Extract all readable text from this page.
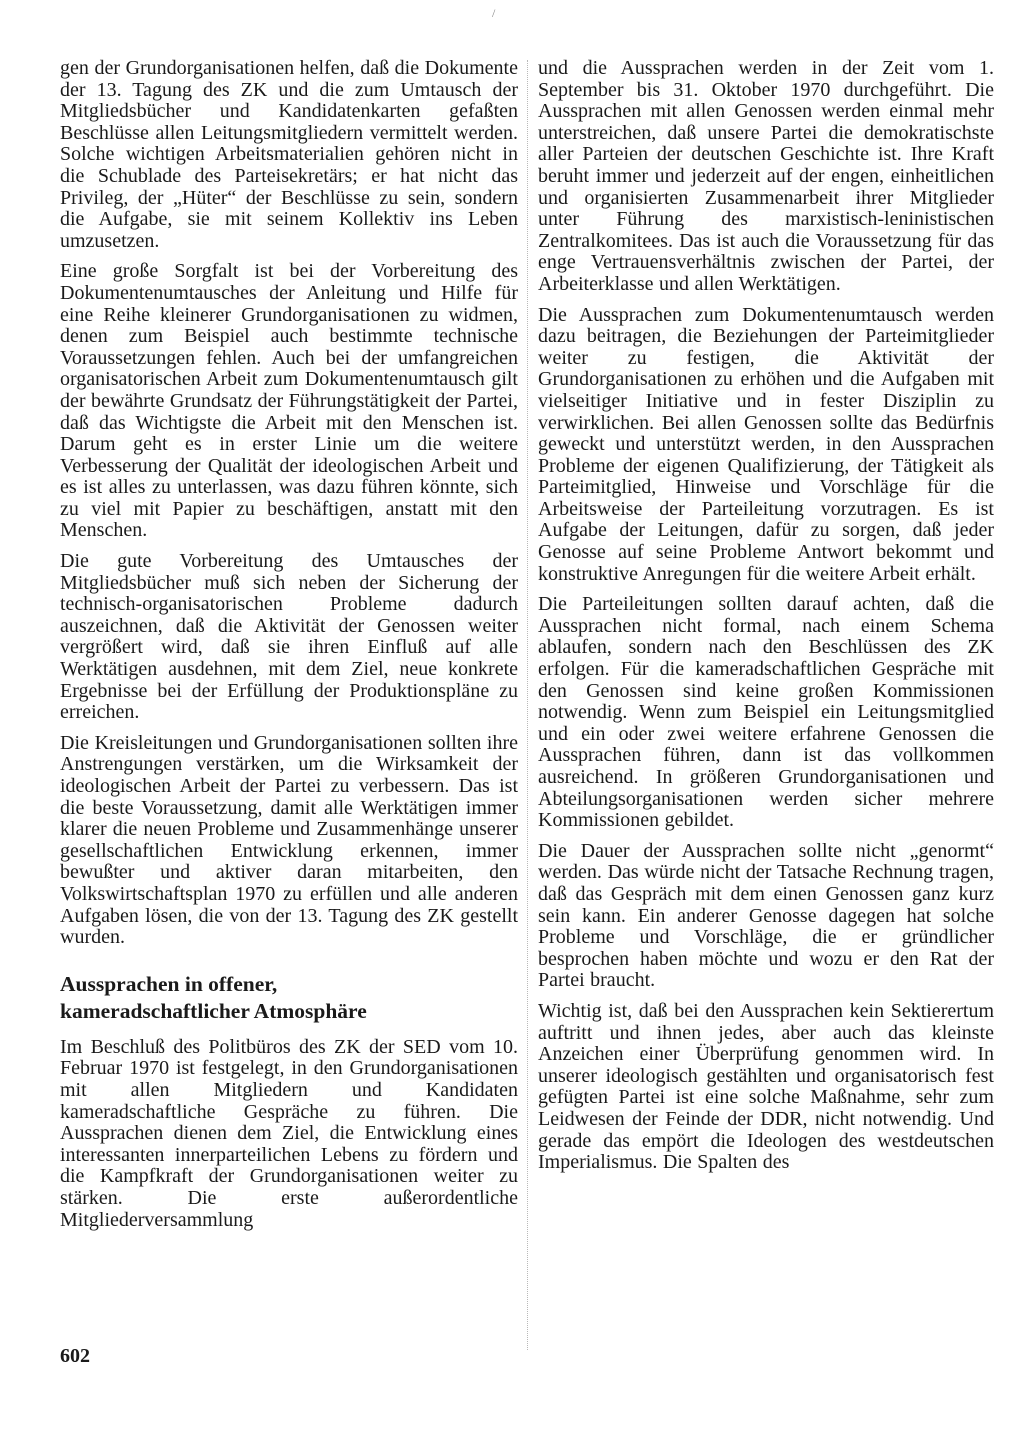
/

gen der Grundorganisationen helfen, daß die Dokumente der 13. Tagung des ZK und die zum Umtausch der Mitgliedsbücher und Kandidatenkarten gefaßten Beschlüsse allen Leitungsmitgliedern vermittelt werden. Solche wichtigen Arbeitsmaterialien gehören nicht in die Schublade des Parteisekretärs; er hat nicht das Privileg, der „Hüter“ der Beschlüsse zu sein, sondern die Aufgabe, sie mit seinem Kollektiv ins Leben umzusetzen.

Eine große Sorgfalt ist bei der Vorbereitung des Dokumentenumtausches der Anleitung und Hilfe für eine Reihe kleinerer Grundorganisationen zu widmen, denen zum Beispiel auch bestimmte technische Voraussetzungen fehlen. Auch bei der umfangreichen organisatorischen Arbeit zum Dokumentenumtausch gilt der bewährte Grundsatz der Führungstätigkeit der Partei, daß das Wichtigste die Arbeit mit den Menschen ist. Darum geht es in erster Linie um die weitere Verbesserung der Qualität der ideologischen Arbeit und es ist alles zu unterlassen, was dazu führen könnte, sich zu viel mit Papier zu beschäftigen, anstatt mit den Menschen.

Die gute Vorbereitung des Umtausches der Mitgliedsbücher muß sich neben der Sicherung der technisch-organisatorischen Probleme dadurch auszeichnen, daß die Aktivität der Genossen weiter vergrößert wird, daß sie ihren Einfluß auf alle Werktätigen ausdehnen, mit dem Ziel, neue konkrete Ergebnisse bei der Erfüllung der Produktionspläne zu erreichen.

Die Kreisleitungen und Grundorganisationen sollten ihre Anstrengungen verstärken, um die Wirksamkeit der ideologischen Arbeit der Partei zu verbessern. Das ist die beste Voraussetzung, damit alle Werktätigen immer klarer die neuen Probleme und Zusammenhänge unserer gesellschaftlichen Entwicklung erkennen, immer bewußter und aktiver daran mitarbeiten, den Volkswirtschaftsplan 1970 zu erfüllen und alle anderen Aufgaben lösen, die von der 13. Tagung des ZK gestellt wurden.

Aussprachen in offener,
kameradschaftlicher Atmosphäre

Im Beschluß des Politbüros des ZK der SED vom 10. Februar 1970 ist festgelegt, in den Grundorganisationen mit allen Mitgliedern und Kandidaten kameradschaftliche Gespräche zu führen. Die Aussprachen dienen dem Ziel, die Entwicklung eines interessanten innerparteilichen Lebens zu fördern und die Kampfkraft der Grundorganisationen weiter zu stärken. Die erste außerordentliche Mitgliederversammlung

und die Aussprachen werden in der Zeit vom 1. September bis 31. Oktober 1970 durchgeführt. Die Aussprachen mit allen Genossen werden einmal mehr unterstreichen, daß unsere Partei die demokratischste aller Parteien der deutschen Geschichte ist. Ihre Kraft beruht immer und jederzeit auf der engen, einheitlichen und organisierten Zusammenarbeit ihrer Mitglieder unter Führung des marxistisch-leninistischen Zentralkomitees. Das ist auch die Voraussetzung für das enge Vertrauensverhältnis zwischen der Partei, der Arbeiterklasse und allen Werktätigen.

Die Aussprachen zum Dokumentenumtausch werden dazu beitragen, die Beziehungen der Parteimitglieder weiter zu festigen, die Aktivität der Grundorganisationen zu erhöhen und die Aufgaben mit vielseitiger Initiative und in fester Disziplin zu verwirklichen. Bei allen Genossen sollte das Bedürfnis geweckt und unterstützt werden, in den Aussprachen Probleme der eigenen Qualifizierung, der Tätigkeit als Parteimitglied, Hinweise und Vorschläge für die Arbeitsweise der Parteileitung vorzutragen. Es ist Aufgabe der Leitungen, dafür zu sorgen, daß jeder Genosse auf seine Probleme Antwort bekommt und konstruktive Anregungen für die weitere Arbeit erhält.

Die Parteileitungen sollten darauf achten, daß die Aussprachen nicht formal, nach einem Schema ablaufen, sondern nach den Beschlüssen des ZK erfolgen. Für die kameradschaftlichen Gespräche mit den Genossen sind keine großen Kommissionen notwendig. Wenn zum Beispiel ein Leitungsmitglied und ein oder zwei weitere erfahrene Genossen die Aussprachen führen, dann ist das vollkommen ausreichend. In größeren Grundorganisationen und Abteilungsorganisationen werden sicher mehrere Kommissionen gebildet.

Die Dauer der Aussprachen sollte nicht „genormt“ werden. Das würde nicht der Tatsache Rechnung tragen, daß das Gespräch mit dem einen Genossen ganz kurz sein kann. Ein anderer Genosse dagegen hat solche Probleme und Vorschläge, die er gründlicher besprochen haben möchte und wozu er den Rat der Partei braucht.

Wichtig ist, daß bei den Aussprachen kein Sektierertum auftritt und ihnen jedes, aber auch das kleinste Anzeichen einer Überprüfung genommen wird. In unserer ideologisch gestählten und organisatorisch fest gefügten Partei ist eine solche Maßnahme, sehr zum Leidwesen der Feinde der DDR, nicht notwendig. Und gerade das empört die Ideologen des westdeutschen Imperialismus. Die Spalten des

602
